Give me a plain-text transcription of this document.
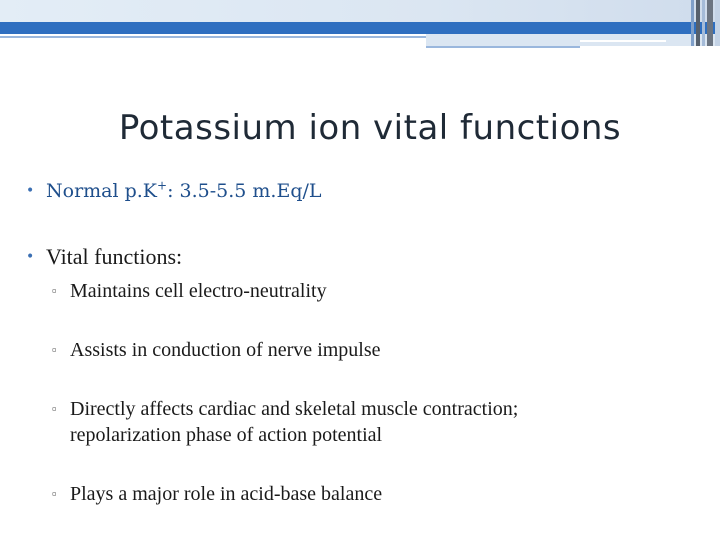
Potassium ion vital functions
• Normal p.K+: 3.5-5.5 m.Eq/L
• Vital functions:
▫ Maintains cell electro-neutrality
▫ Assists in conduction of nerve impulse
▫ Directly affects cardiac and skeletal muscle contraction; repolarization phase of action potential
▫ Plays a major role in acid-base balance
